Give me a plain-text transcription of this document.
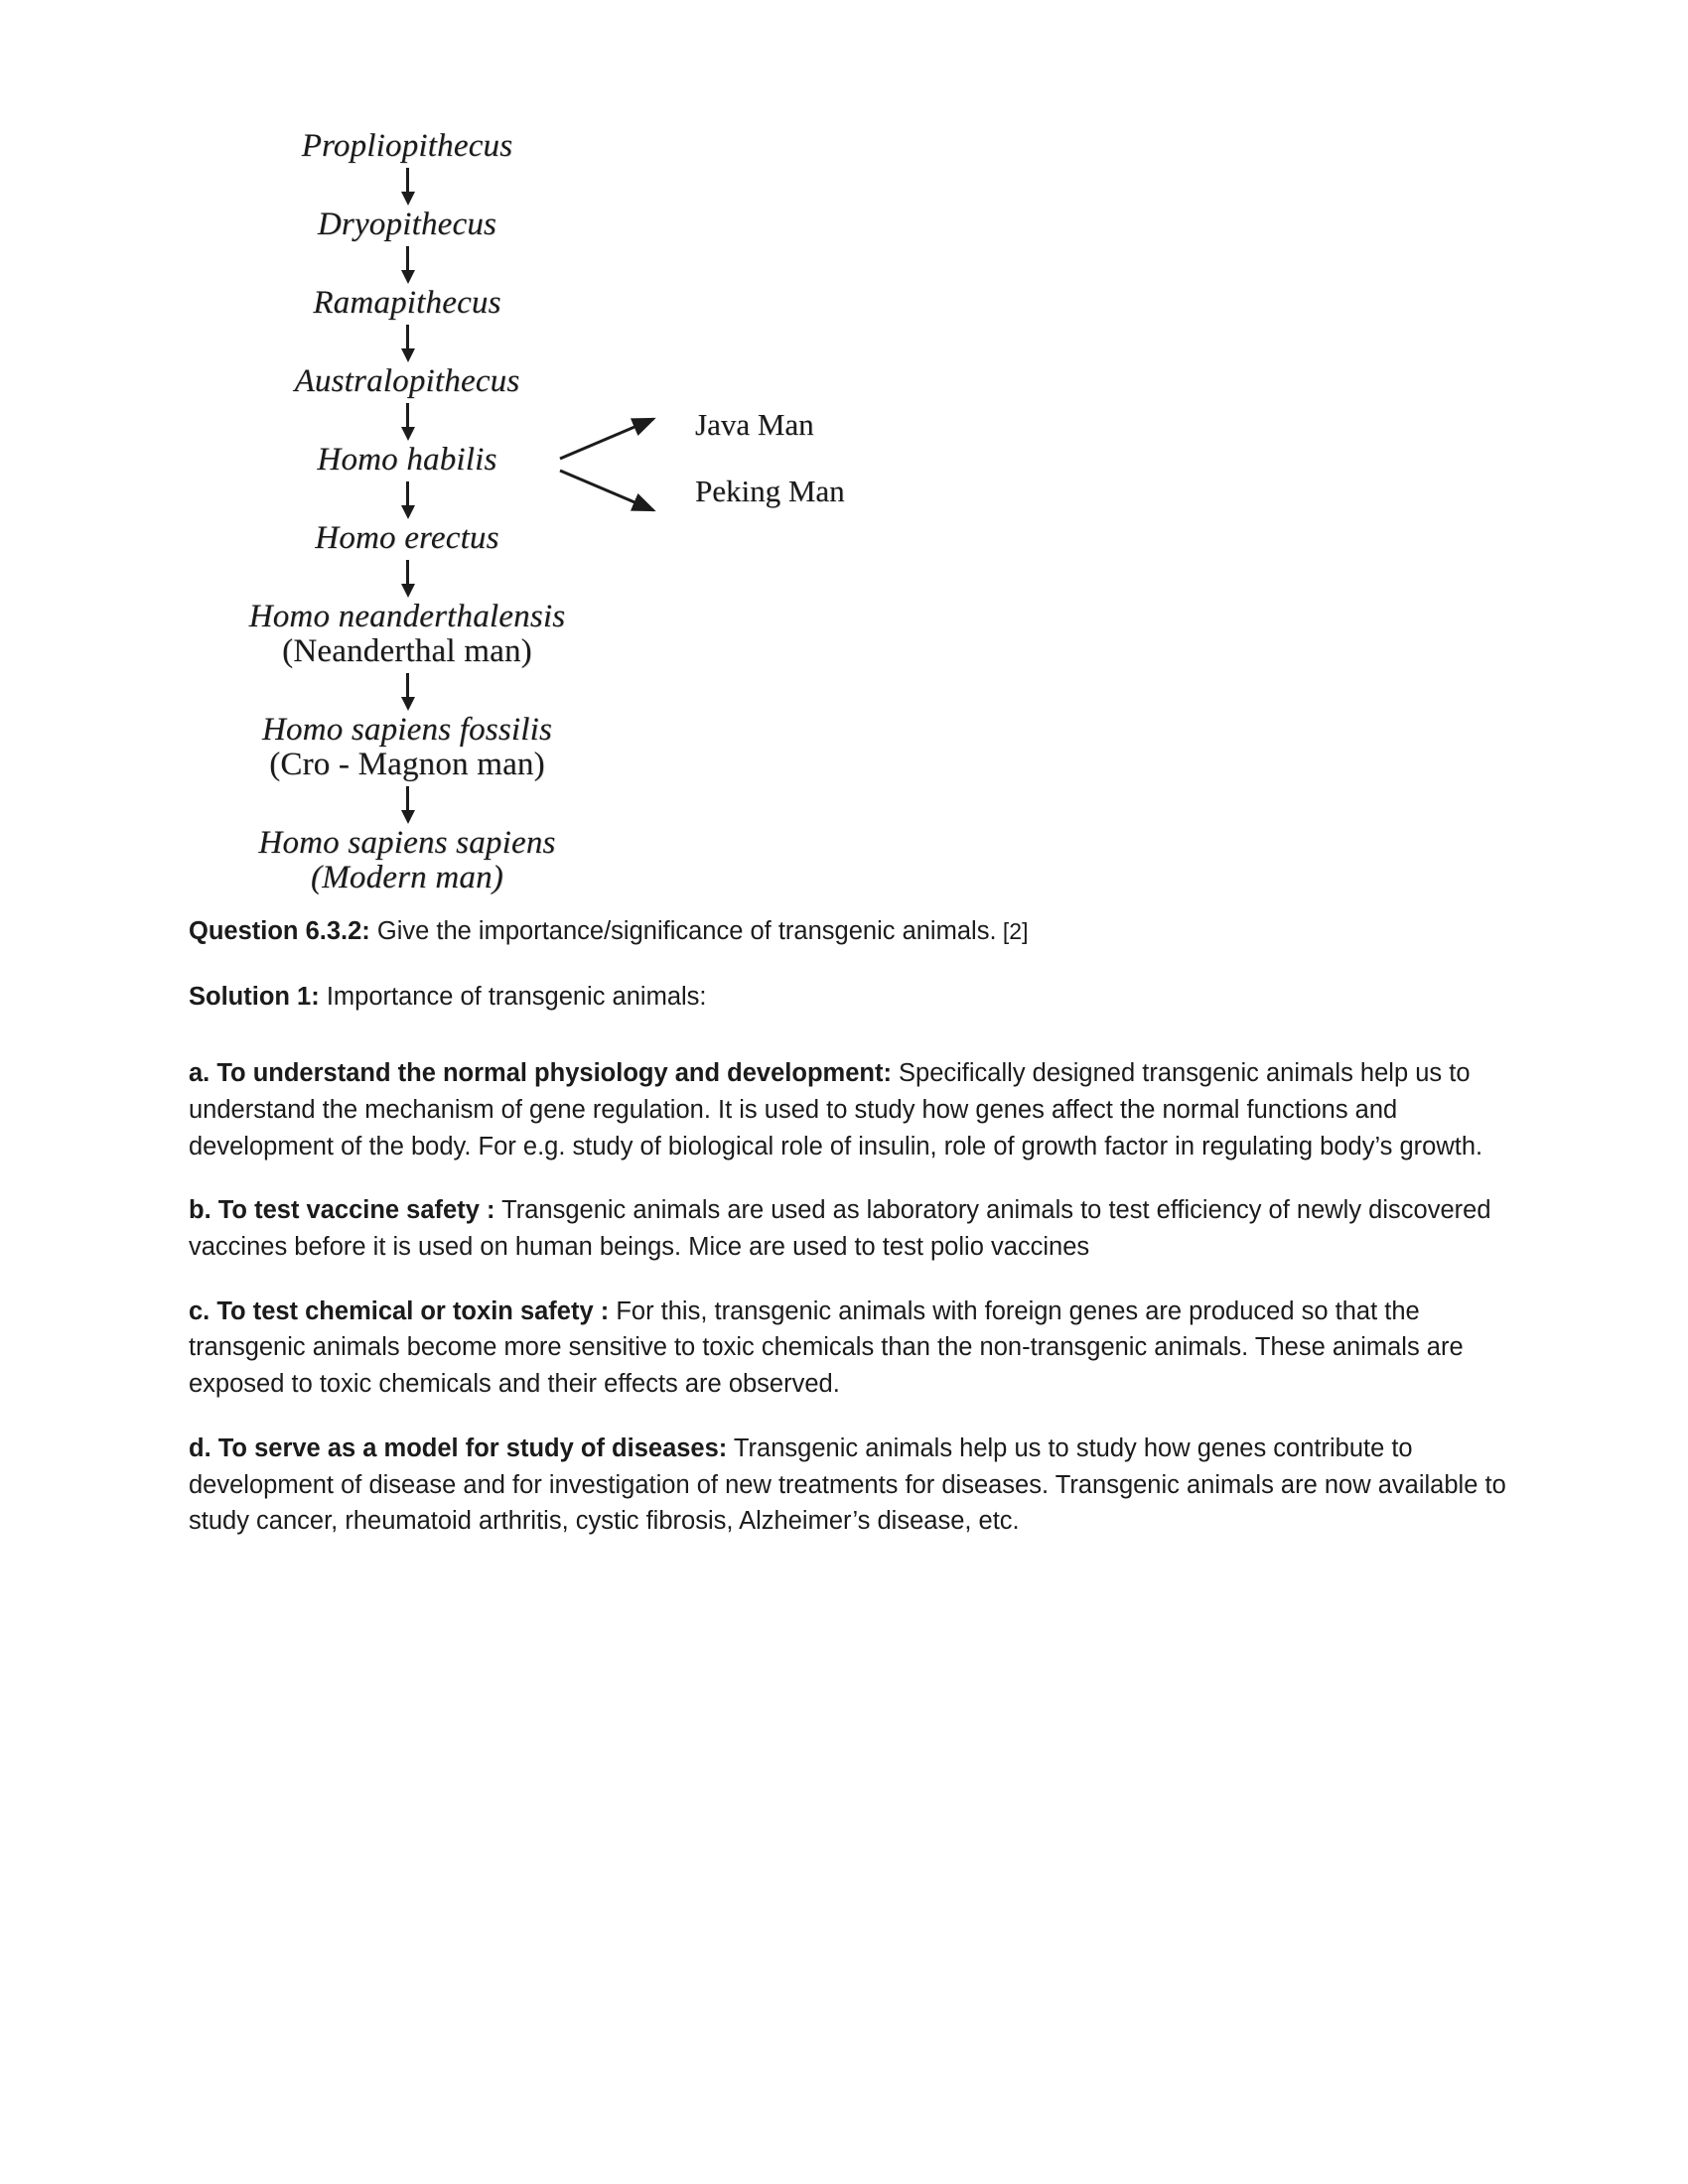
Propliopithecus
Dryopithecus
Ramapithecus
Australopithecus
Homo habilis
Homo erectus
Homo neanderthalensis
(Neanderthal man)
Homo sapiens fossilis
(Cro - Magnon man)
Homo sapiens sapiens
(Modern man)
Java Man
Peking Man

Question 6.3.2: Give the importance/significance of transgenic animals. [2]

Solution 1: Importance of transgenic animals:

a. To understand the normal physiology and development: Specifically designed transgenic animals help us to understand the mechanism of gene regulation. It is used to study how genes affect the normal functions and development of the body. For e.g. study of biological role of insulin, role of growth factor in regulating body’s growth.

b. To test vaccine safety : Transgenic animals are used as laboratory animals to test efficiency of newly discovered vaccines before it is used on human beings. Mice are used to test polio vaccines

c. To test chemical or toxin safety : For this, transgenic animals with foreign genes are produced so that the transgenic animals become more sensitive to toxic chemicals than the non-transgenic animals. These animals are exposed to toxic chemicals and their effects are observed.

d. To serve as a model for study of diseases: Transgenic animals help us to study how genes contribute to development of disease and for investigation of new treatments for diseases. Transgenic animals are now available to study cancer, rheumatoid arthritis, cystic fibrosis, Alzheimer’s disease, etc.
